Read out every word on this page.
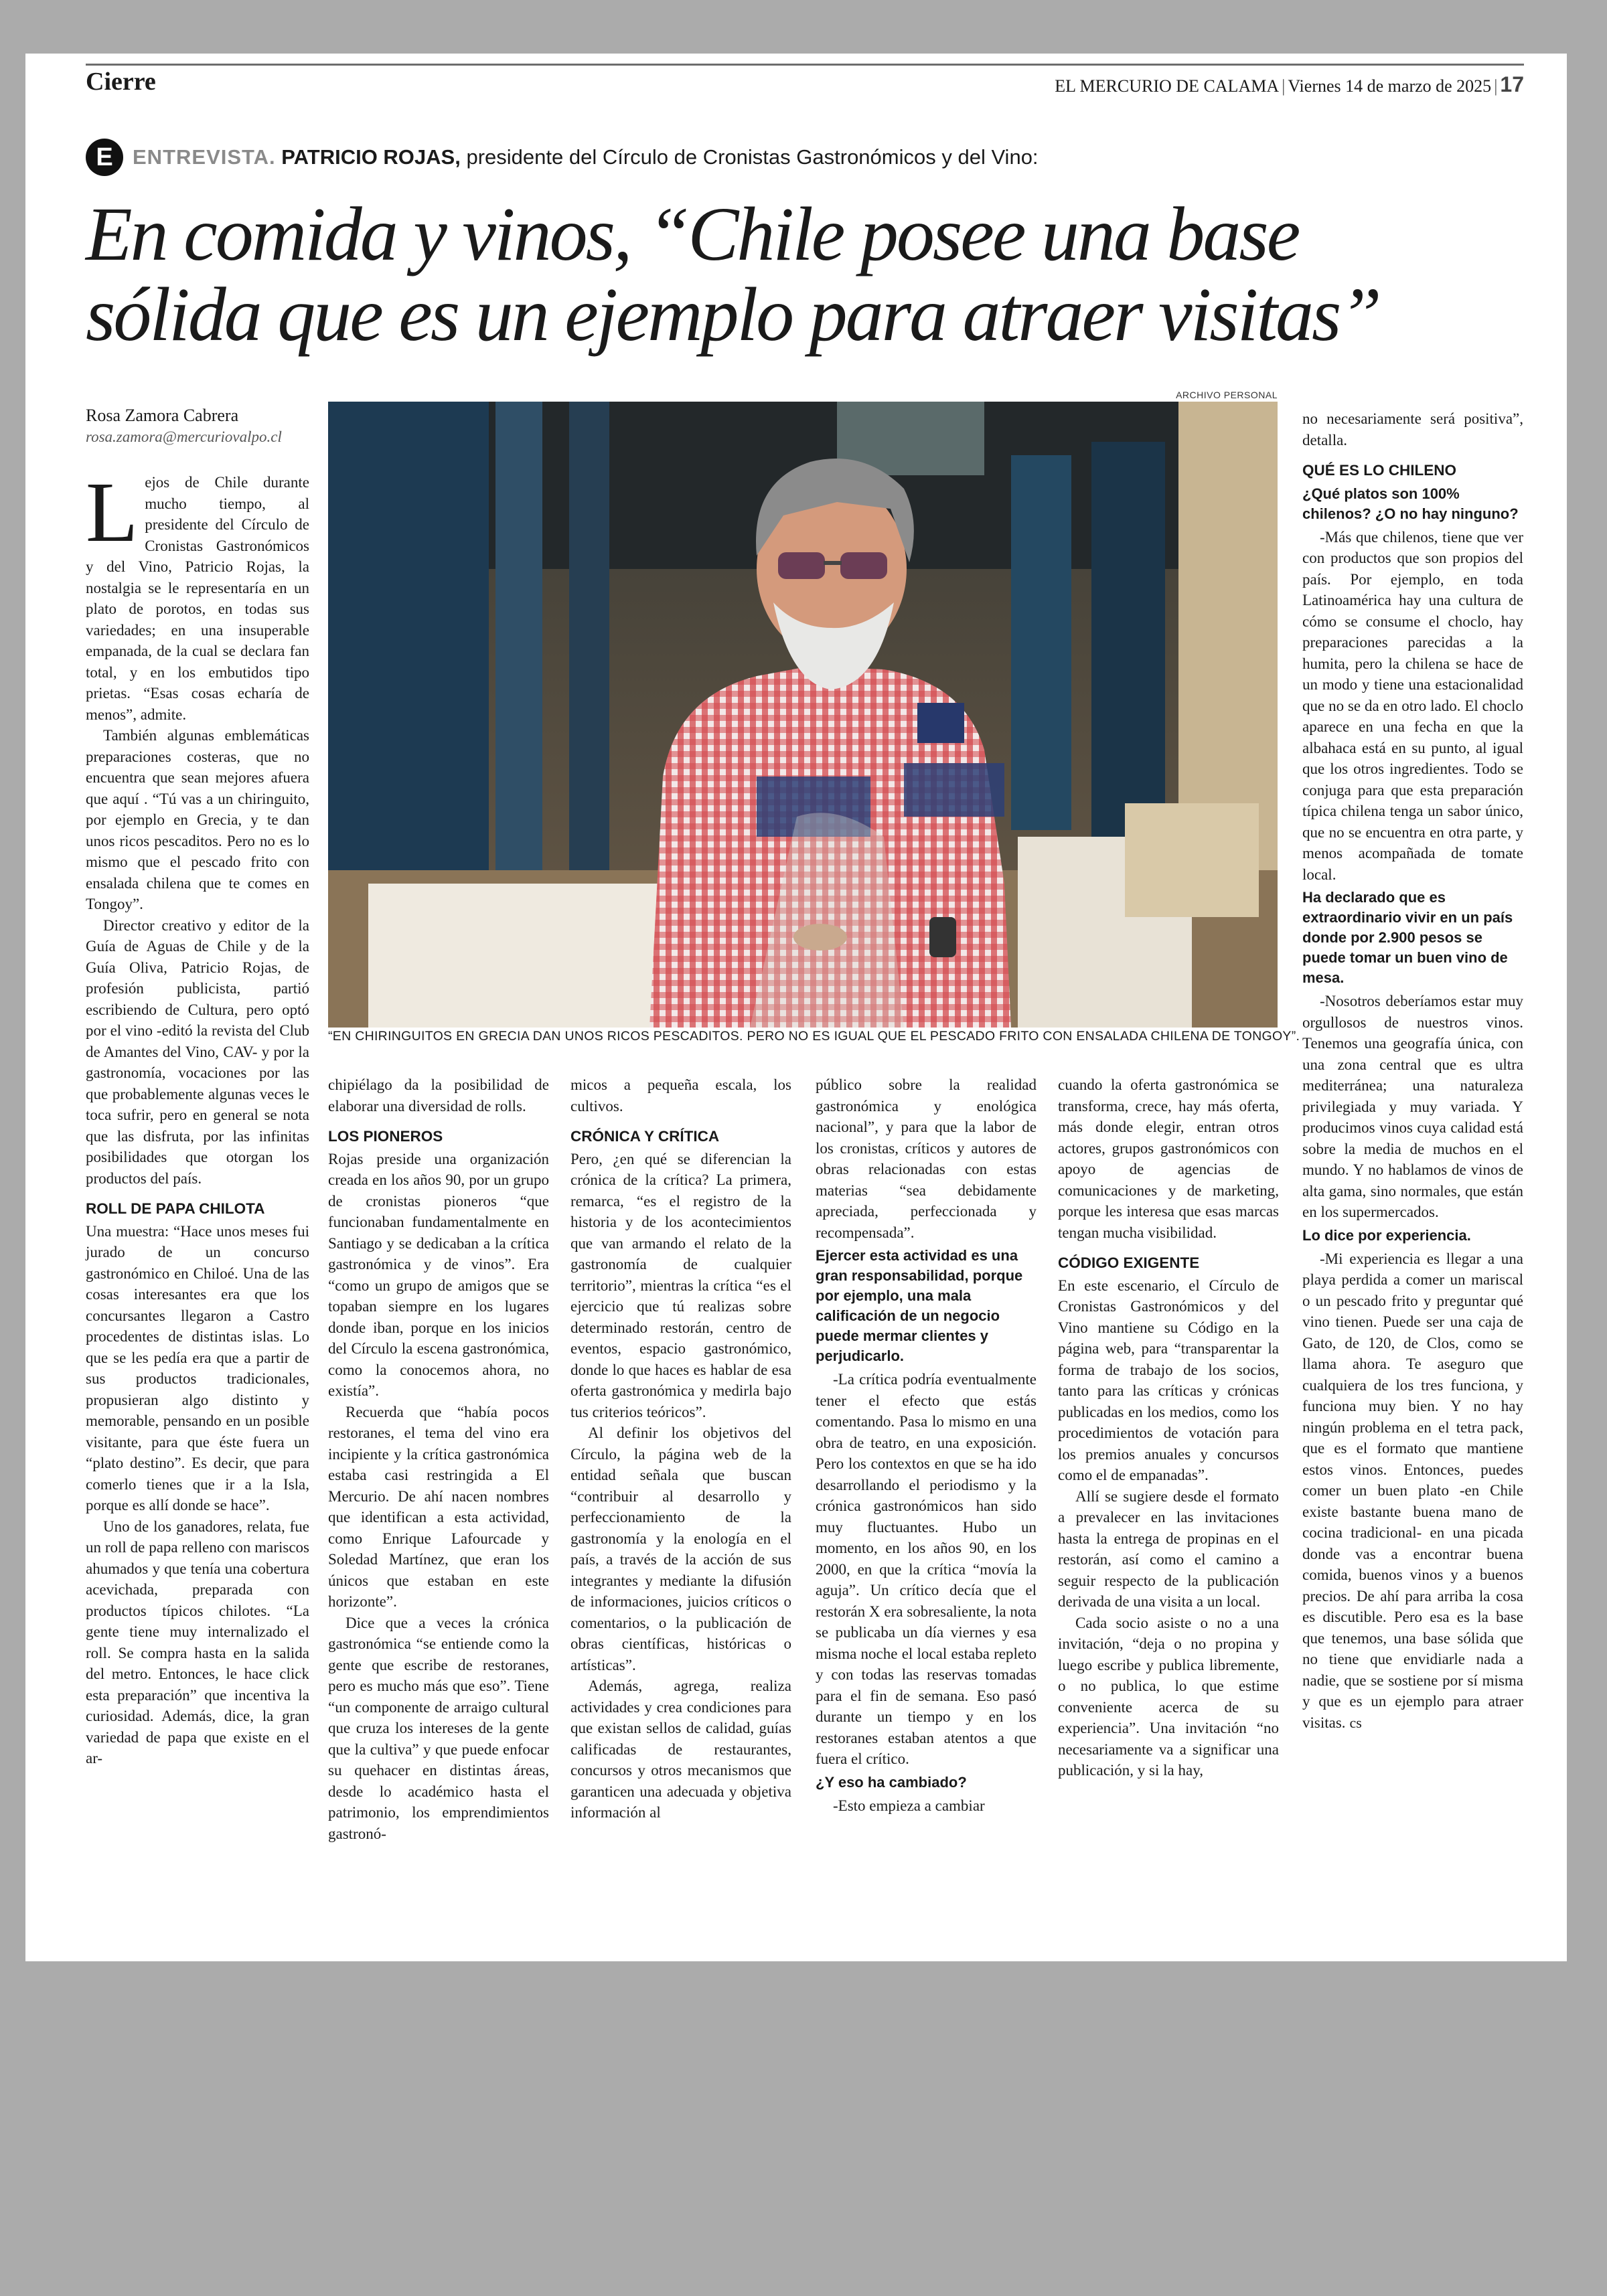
Cierre	EL MERCURIO DE CALAMA | Viernes 14 de marzo de 2025 | 17
E ENTREVISTA. PATRICIO ROJAS, presidente del Círculo de Cronistas Gastronómicos y del Vino:
En comida y vinos, “Chile posee una base
sólida que es un ejemplo para atraer visitas”
Rosa Zamora Cabrera
rosa.zamora@mercuriovalpo.cl
ARCHIVO PERSONAL
“EN CHIRINGUITOS EN GRECIA DAN UNOS RICOS PESCADITOS. PERO NO ES IGUAL QUE EL PESCADO FRITO CON ENSALADA CHILENA DE TONGOY”.

Lejos de Chile durante mucho tiempo, al presidente del Círculo de Cronistas Gastronómicos y del Vino, Patricio Rojas, la nostalgia se le representaría en un plato de porotos, en todas sus variedades; en una insuperable empanada, de la cual se declara fan total, y en los embutidos tipo prietas. “Esas cosas echaría de menos”, admite.

También algunas emblemáticas preparaciones costeras, que no encuentra que sean mejores afuera que aquí . “Tú vas a un chiringuito, por ejemplo en Grecia, y te dan unos ricos pescaditos. Pero no es lo mismo que el pescado frito con ensalada chilena que te comes en Tongoy”.

Director creativo y editor de la Guía de Aguas de Chile y de la Guía Oliva, Patricio Rojas, de profesión publicista, partió escribiendo de Cultura, pero optó por el vino -editó la revista del Club de Amantes del Vino, CAV- y por la gastronomía, vocaciones por las que probablemente algunas veces le toca sufrir, pero en general se nota que las disfruta, por las infinitas posibilidades que otorgan los productos del país.

ROLL DE PAPA CHILOTA

Una muestra: “Hace unos meses fui jurado de un concurso gastronómico en Chiloé. Una de las cosas interesantes era que los concursantes llegaron a Castro procedentes de distintas islas. Lo que se les pedía era que a partir de sus productos tradicionales, propusieran algo distinto y memorable, pensando en un posible visitante, para que éste fuera un “plato destino”. Es decir, que para comerlo tienes que ir a la Isla, porque es allí donde se hace”.

Uno de los ganadores, relata, fue un roll de papa relleno con mariscos ahumados y que tenía una cobertura acevichada, preparada con productos típicos chilotes. “La gente tiene muy internalizado el roll. Se compra hasta en la salida del metro. Entonces, le hace click esta preparación” que incentiva la curiosidad. Además, dice, la gran variedad de papa que existe en el ar-

chipiélago da la posibilidad de elaborar una diversidad de rolls.

LOS PIONEROS

Rojas preside una organización creada en los años 90, por un grupo de cronistas pioneros “que funcionaban fundamentalmente en Santiago y se dedicaban a la crítica gastronómica y de vinos”. Era “como un grupo de amigos que se topaban siempre en los lugares donde iban, porque en los inicios del Círculo la escena gastronómica, como la conocemos ahora, no existía”.

Recuerda que “había pocos restoranes, el tema del vino era incipiente y la crítica gastronómica estaba casi restringida a El Mercurio. De ahí nacen nombres que identifican a esta actividad, como Enrique Lafourcade y Soledad Martínez, que eran los únicos que estaban en este horizonte”.

Dice que a veces la crónica gastronómica “se entiende como la gente que escribe de restoranes, pero es mucho más que eso”. Tiene “un componente de arraigo cultural que cruza los intereses de la gente que la cultiva” y que puede enfocar su quehacer en distintas áreas, desde lo académico hasta el patrimonio, los emprendimientos gastronó-

micos a pequeña escala, los cultivos.

CRÓNICA Y CRÍTICA

Pero, ¿en qué se diferencian la crónica de la crítica? La primera, remarca, “es el registro de la historia y de los acontecimientos que van armando el relato de la gastronomía de cualquier territorio”, mientras la crítica “es el ejercicio que tú realizas sobre determinado restorán, centro de eventos, espacio gastronómico, donde lo que haces es hablar de esa oferta gastronómica y medirla bajo tus criterios teóricos”.

Al definir los objetivos del Círculo, la página web de la entidad señala que buscan “contribuir al desarrollo y perfeccionamiento de la gastronomía y la enología en el país, a través de la acción de sus integrantes y mediante la difusión de informaciones, juicios críticos o comentarios, o la publicación de obras científicas, históricas o artísticas”.

Además, agrega, realiza actividades y crea condiciones para que existan sellos de calidad, guías calificadas de restaurantes, concursos y otros mecanismos que garanticen una adecuada y objetiva información al

público sobre la realidad gastronómica y enológica nacional”, y para que la labor de los cronistas, críticos y autores de obras relacionadas con estas materias “sea debidamente apreciada, perfeccionada y recompensada”.

Ejercer esta actividad es una gran responsabilidad, porque por ejemplo, una mala calificación de un negocio puede mermar clientes y perjudicarlo.

-La crítica podría eventualmente tener el efecto que estás comentando. Pasa lo mismo en una obra de teatro, en una exposición. Pero los contextos en que se ha ido desarrollando el periodismo y la crónica gastronómicos han sido muy fluctuantes. Hubo un momento, en los años 90, en los 2000, en que la crítica “movía la aguja”. Un crítico decía que el restorán X era sobresaliente, la nota se publicaba un día viernes y esa misma noche el local estaba repleto y con todas las reservas tomadas para el fin de semana. Eso pasó durante un tiempo y en los restoranes estaban atentos a que fuera el crítico.

¿Y eso ha cambiado?

-Esto empieza a cambiar

cuando la oferta gastronómica se transforma, crece, hay más oferta, más donde elegir, entran otros actores, grupos gastronómicos con apoyo de agencias de comunicaciones y de marketing, porque les interesa que esas marcas tengan mucha visibilidad.

CÓDIGO EXIGENTE

En este escenario, el Círculo de Cronistas Gastronómicos y del Vino mantiene su Código en la página web, para “transparentar la forma de trabajo de los socios, tanto para las críticas y crónicas publicadas en los medios, como los procedimientos de votación para los premios anuales y concursos como el de empanadas”.

Allí se sugiere desde el formato a prevalecer en las invitaciones hasta la entrega de propinas en el restorán, así como el camino a seguir respecto de la publicación derivada de una visita a un local.

Cada socio asiste o no a una invitación, “deja o no propina y luego escribe y publica libremente, o no publica, lo que estime conveniente acerca de su experiencia”. Una invitación “no necesariamente va a significar una publicación, y si la hay,

no necesariamente será positiva”, detalla.

QUÉ ES LO CHILENO
¿Qué platos son 100% chilenos? ¿O no hay ninguno?

-Más que chilenos, tiene que ver con productos que son propios del país. Por ejemplo, en toda Latinoamérica hay una cultura de cómo se consume el choclo, hay preparaciones parecidas a la humita, pero la chilena se hace de un modo y tiene una estacionalidad que no se da en otro lado. El choclo aparece en una fecha en que la albahaca está en su punto, al igual que los otros ingredientes. Todo se conjuga para que esta preparación típica chilena tenga un sabor único, que no se encuentra en otra parte, y menos acompañada de tomate local.

Ha declarado que es extraordinario vivir en un país donde por 2.900 pesos se puede tomar un buen vino de mesa.

-Nosotros deberíamos estar muy orgullosos de nuestros vinos. Tenemos una geografía única, con una zona central que es ultra mediterránea; una naturaleza privilegiada y muy variada. Y producimos vinos cuya calidad está sobre la media de muchos en el mundo. Y no hablamos de vinos de alta gama, sino normales, que están en los supermercados.

Lo dice por experiencia.

-Mi experiencia es llegar a una playa perdida a comer un mariscal o un pescado frito y preguntar qué vino tienen. Puede ser una caja de Gato, de 120, de Clos, como se llama ahora. Te aseguro que cualquiera de los tres funciona, y funciona muy bien. Y no hay ningún problema en el tetra pack, que es el formato que mantiene estos vinos. Entonces, puedes comer un buen plato -en Chile existe bastante buena mano de cocina tradicional- en una picada donde vas a encontrar buena comida, buenos vinos y a buenos precios. De ahí para arriba la cosa es discutible. Pero esa es la base que tenemos, una base sólida que no tiene que envidiarle nada a nadie, que se sostiene por sí misma y que es un ejemplo para atraer visitas. cs
